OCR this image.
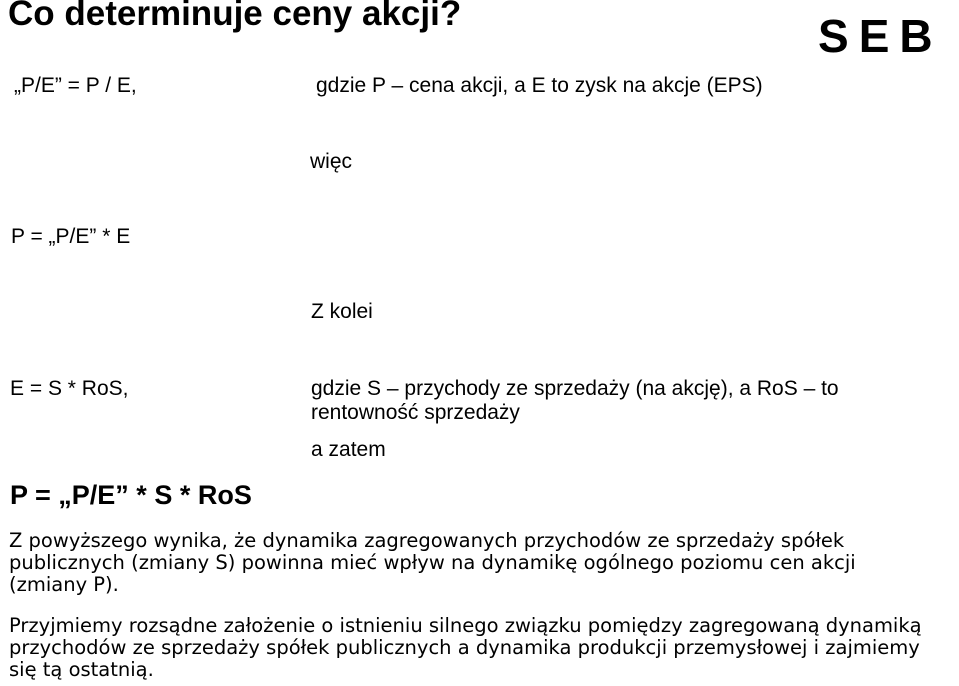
Co determinuje ceny akcji?	S E B

„P/E” = P / E,	gdzie P – cena akcji, a E to zysk na akcje (EPS)

więc

P = „P/E” * E

Z kolei

E = S * RoS,	gdzie S – przychody ze sprzedaży (na akcję), a RoS – to rentowność sprzedaży

a zatem

P = „P/E” * S * RoS

Z powyższego wynika, że dynamika zagregowanych przychodów ze sprzedaży spółek publicznych (zmiany S) powinna mieć wpływ na dynamikę ogólnego poziomu cen akcji (zmiany P).

Przyjmiemy rozsądne założenie o istnieniu silnego związku pomiędzy zagregowaną dynamiką przychodów ze sprzedaży spółek publicznych a dynamika produkcji przemysłowej i zajmiemy się tą ostatnią.
